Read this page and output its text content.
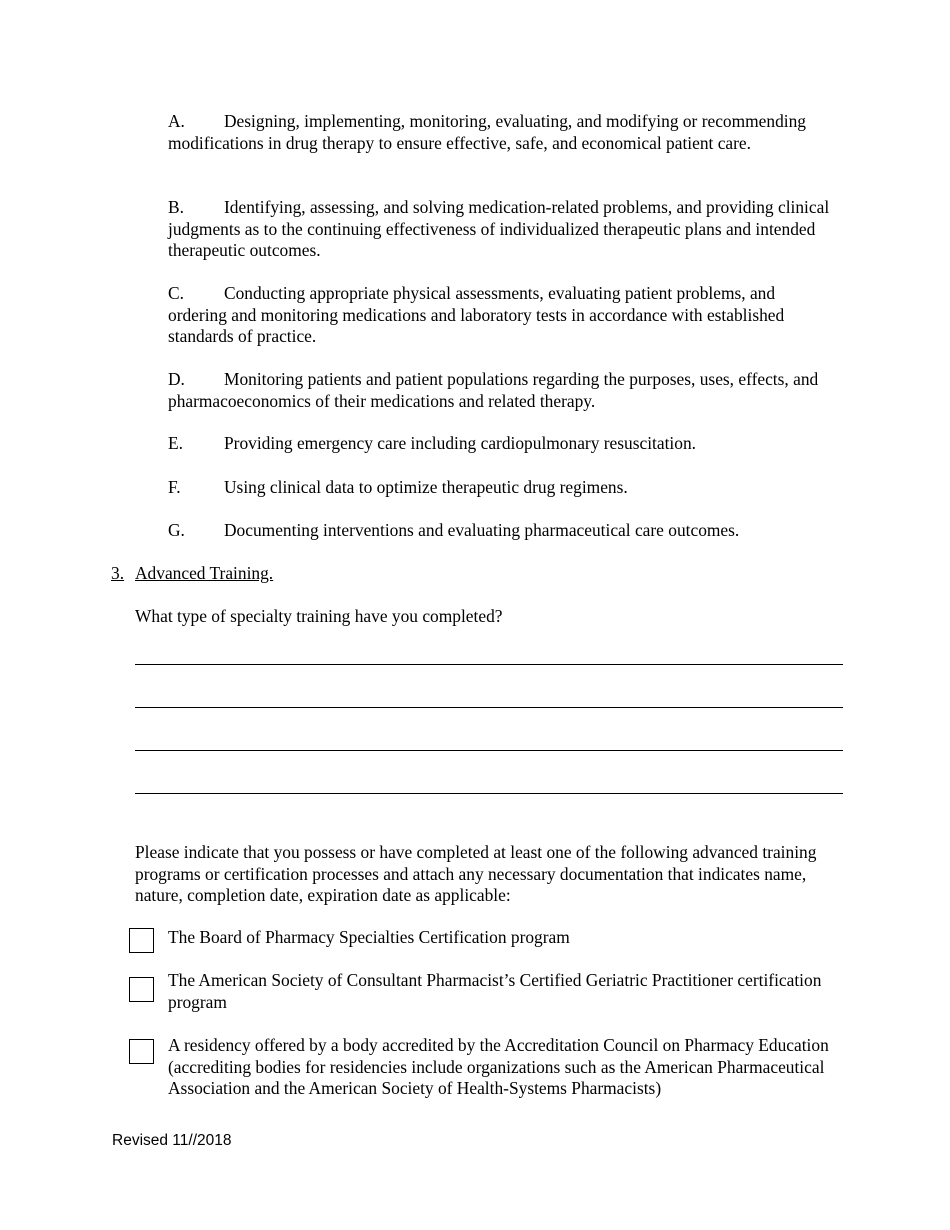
A. Designing, implementing, monitoring, evaluating, and modifying or recommending modifications in drug therapy to ensure effective, safe, and economical patient care.

B. Identifying, assessing, and solving medication-related problems, and providing clinical judgments as to the continuing effectiveness of individualized therapeutic plans and intended therapeutic outcomes.

C. Conducting appropriate physical assessments, evaluating patient problems, and ordering and monitoring medications and laboratory tests in accordance with established standards of practice.

D. Monitoring patients and patient populations regarding the purposes, uses, effects, and pharmacoeconomics of their medications and related therapy.

E. Providing emergency care including cardiopulmonary resuscitation.

F. Using clinical data to optimize therapeutic drug regimens.

G. Documenting interventions and evaluating pharmaceutical care outcomes.

3. Advanced Training.

What type of specialty training have you completed?

Please indicate that you possess or have completed at least one of the following advanced training programs or certification processes and attach any necessary documentation that indicates name, nature, completion date, expiration date as applicable:

The Board of Pharmacy Specialties Certification program

The American Society of Consultant Pharmacist’s Certified Geriatric Practitioner certification program

A residency offered by a body accredited by the Accreditation Council on Pharmacy Education (accrediting bodies for residencies include organizations such as the American Pharmaceutical Association and the American Society of Health-Systems Pharmacists)

Revised 11//2018
